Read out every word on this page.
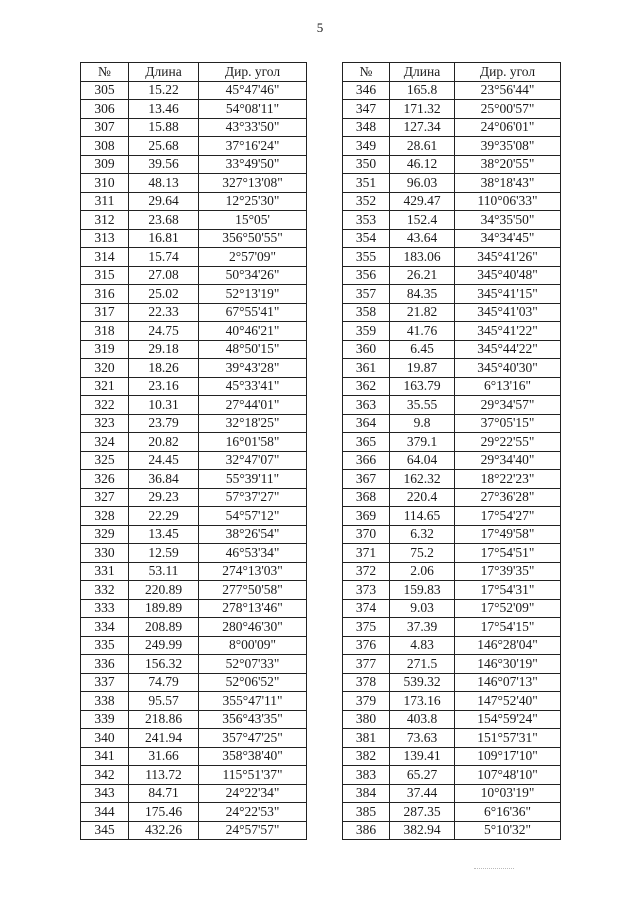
5
№	Длина	Дир. угол
305	15.22	45°47'46"
306	13.46	54°08'11"
307	15.88	43°33'50"
308	25.68	37°16'24"
309	39.56	33°49'50"
310	48.13	327°13'08"
311	29.64	12°25'30"
312	23.68	15°05'
313	16.81	356°50'55"
314	15.74	2°57'09"
315	27.08	50°34'26"
316	25.02	52°13'19"
317	22.33	67°55'41"
318	24.75	40°46'21"
319	29.18	48°50'15"
320	18.26	39°43'28"
321	23.16	45°33'41"
322	10.31	27°44'01"
323	23.79	32°18'25"
324	20.82	16°01'58"
325	24.45	32°47'07"
326	36.84	55°39'11"
327	29.23	57°37'27"
328	22.29	54°57'12"
329	13.45	38°26'54"
330	12.59	46°53'34"
331	53.11	274°13'03"
332	220.89	277°50'58"
333	189.89	278°13'46"
334	208.89	280°46'30"
335	249.99	8°00'09"
336	156.32	52°07'33"
337	74.79	52°06'52"
338	95.57	355°47'11"
339	218.86	356°43'35"
340	241.94	357°47'25"
341	31.66	358°38'40"
342	113.72	115°51'37"
343	84.71	24°22'34"
344	175.46	24°22'53"
345	432.26	24°57'57"
№	Длина	Дир. угол
346	165.8	23°56'44"
347	171.32	25°00'57"
348	127.34	24°06'01"
349	28.61	39°35'08"
350	46.12	38°20'55"
351	96.03	38°18'43"
352	429.47	110°06'33"
353	152.4	34°35'50"
354	43.64	34°34'45"
355	183.06	345°41'26"
356	26.21	345°40'48"
357	84.35	345°41'15"
358	21.82	345°41'03"
359	41.76	345°41'22"
360	6.45	345°44'22"
361	19.87	345°40'30"
362	163.79	6°13'16"
363	35.55	29°34'57"
364	9.8	37°05'15"
365	379.1	29°22'55"
366	64.04	29°34'40"
367	162.32	18°22'23"
368	220.4	27°36'28"
369	114.65	17°54'27"
370	6.32	17°49'58"
371	75.2	17°54'51"
372	2.06	17°39'35"
373	159.83	17°54'31"
374	9.03	17°52'09"
375	37.39	17°54'15"
376	4.83	146°28'04"
377	271.5	146°30'19"
378	539.32	146°07'13"
379	173.16	147°52'40"
380	403.8	154°59'24"
381	73.63	151°57'31"
382	139.41	109°17'10"
383	65.27	107°48'10"
384	37.44	10°03'19"
385	287.35	6°16'36"
386	382.94	5°10'32"
